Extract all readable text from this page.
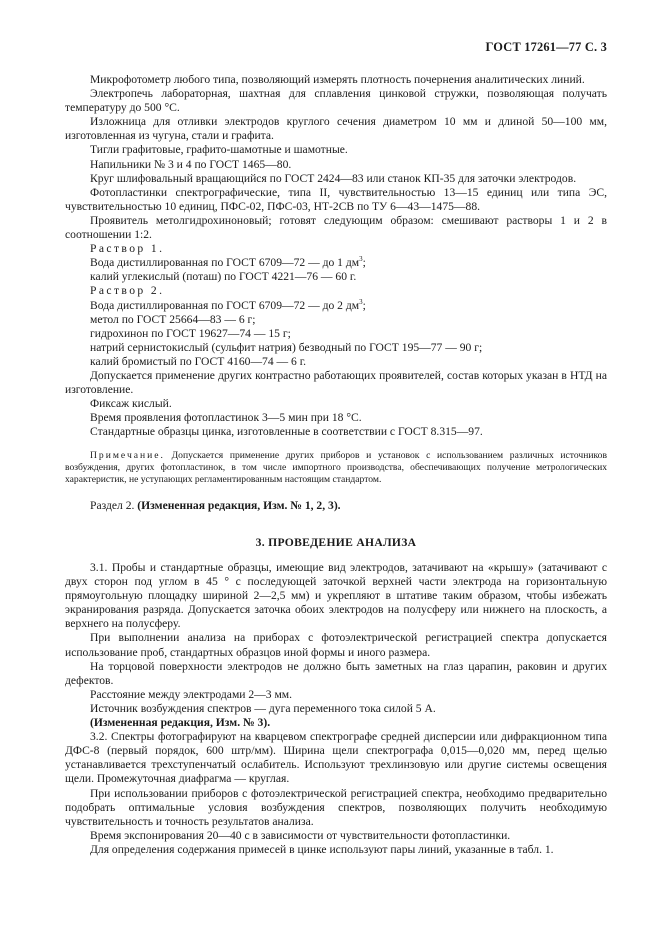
ГОСТ 17261—77 С. 3

Микрофотометр любого типа, позволяющий измерять плотность почернения аналитических линий.

Электропечь лабораторная, шахтная для сплавления цинковой стружки, позволяющая получать температуру до 500 °С.

Изложница для отливки электродов круглого сечения диаметром 10 мм и длиной 50—100 мм, изготовленная из чугуна, стали и графита.

Тигли графитовые, графито-шамотные и шамотные.

Напильники № 3 и 4 по ГОСТ 1465—80.

Круг шлифовальный вращающийся по ГОСТ 2424—83 или станок КП-35 для заточки электродов.

Фотопластинки спектрографические, типа II, чувствительностью 13—15 единиц или типа ЭС, чувствительностью 10 единиц, ПФС-02, ПФС-03, НТ-2СВ по ТУ 6—43—1475—88.

Проявитель метолгидрохиноновый; готовят следующим образом: смешивают растворы 1 и 2 в соотношении 1:2.

Раствор 1.

Вода дистиллированная по ГОСТ 6709—72 — до 1 $дм^3$;

калий углекислый (поташ) по ГОСТ 4221—76 — 60 г.

Раствор 2.

Вода дистиллированная по ГОСТ 6709—72 — до 2 $дм^3$;

метол по ГОСТ 25664—83 — 6 г;

гидрохинон по ГОСТ 19627—74 — 15 г;

натрий сернистокислый (сульфит натрия) безводный по ГОСТ 195—77 — 90 г;

калий бромистый по ГОСТ 4160—74 — 6 г.

Допускается применение других контрастно работающих проявителей, состав которых указан в НТД на изготовление.

Фиксаж кислый.

Время проявления фотопластинок 3—5 мин при 18 °С.

Стандартные образцы цинка, изготовленные в соответствии с ГОСТ 8.315—97.

Примечание. Допускается применение других приборов и установок с использованием различных источников возбуждения, других фотопластинок, в том числе импортного производства, обеспечивающих получение метрологических характеристик, не уступающих регламентированным настоящим стандартом.

Раздел 2. (Измененная редакция, Изм. № 1, 2, 3).

3. ПРОВЕДЕНИЕ АНАЛИЗА

3.1. Пробы и стандартные образцы, имеющие вид электродов, затачивают на «крышу» (затачивают с двух сторон под углом в 45 ° с последующей заточкой верхней части электрода на горизонтальную прямоугольную площадку шириной 2—2,5 мм) и укрепляют в штативе таким образом, чтобы избежать экранирования разряда. Допускается заточка обоих электродов на полусферу или нижнего на плоскость, а верхнего на полусферу.

При выполнении анализа на приборах с фотоэлектрической регистрацией спектра допускается использование проб, стандартных образцов иной формы и иного размера.

На торцовой поверхности электродов не должно быть заметных на глаз царапин, раковин и других дефектов.

Расстояние между электродами 2—3 мм.

Источник возбуждения спектров — дуга переменного тока силой 5 А.

(Измененная редакция, Изм. № 3).

3.2. Спектры фотографируют на кварцевом спектрографе средней дисперсии или дифракционном типа ДФС-8 (первый порядок, 600 штр/мм). Ширина щели спектрографа 0,015—0,020 мм, перед щелью устанавливается трехступенчатый ослабитель. Используют трехлинзовую или другие системы освещения щели. Промежуточная диафрагма — круглая.

При использовании приборов с фотоэлектрической регистрацией спектра, необходимо предварительно подобрать оптимальные условия возбуждения спектров, позволяющих получить необходимую чувствительность и точность результатов анализа.

Время экспонирования 20—40 с в зависимости от чувствительности фотопластинки.

Для определения содержания примесей в цинке используют пары линий, указанные в табл. 1.
